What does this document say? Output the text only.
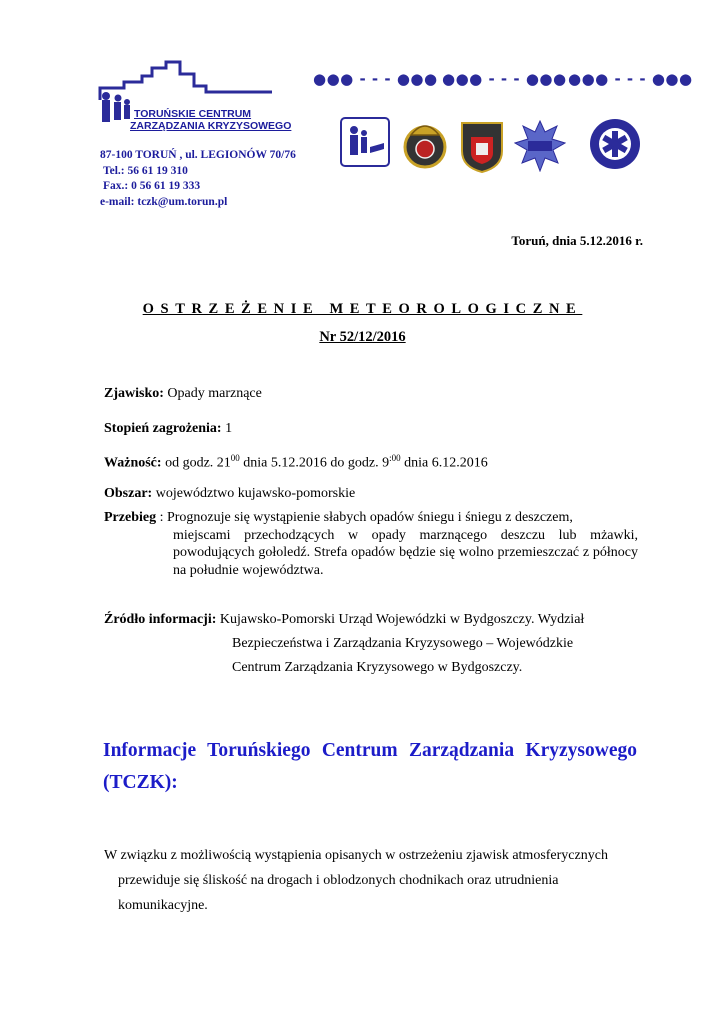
TORUŃSKIE CENTRUM
ZARZĄDZANIA KRYZYSOWEGO
●●● - - - ●●● ●●● - - - ●●● ●●● - - - ●●●
87-100 TORUŃ , ul. LEGIONÓW 70/76
Tel.: 56 61 19 310
Fax.: 0 56 61 19 333
e-mail: tczk@um.torun.pl
Toruń, dnia 5.12.2016 r.
OSTRZEŻENIE METEOROLOGICZNE
Nr 52/12/2016
Zjawisko: Opady marznące
Stopień zagrożenia: 1
Ważność: od godz. $21^{00}$ dnia 5.12.2016 do godz. $9^{:00}$ dnia 6.12.2016
Obszar: województwo kujawsko-pomorskie
Przebieg : Prognozuje się wystąpienie słabych opadów śniegu i śniegu z deszczem,
miejscami przechodzących w opady marznącego deszczu lub mżawki, powodujących gołoledź. Strefa opadów będzie się wolno przemieszczać z północy na południe województwa.
Źródło informacji: Kujawsko-Pomorski Urząd Wojewódzki w Bydgoszczy. Wydział
Bezpieczeństwa i Zarządzania Kryzysowego – Wojewódzkie
Centrum Zarządzania Kryzysowego w Bydgoszczy.
Informacje Toruńskiego Centrum Zarządzania Kryzysowego (TCZK):
W związku z możliwością wystąpienia opisanych w ostrzeżeniu zjawisk atmosferycznych
przewiduje się śliskość na drogach i oblodzonych chodnikach oraz utrudnienia komunikacyjne.
